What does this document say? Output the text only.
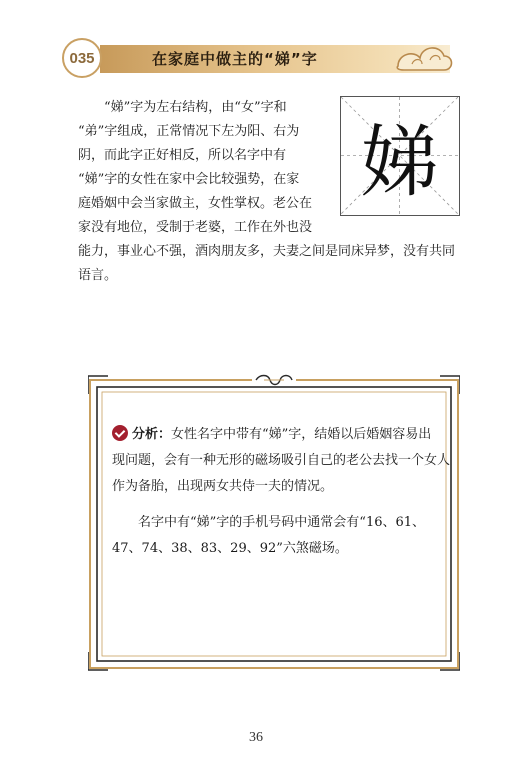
035	在家庭中做主的“娣”字
娣
　　“娣”字为左右结构，由“女”字和
“弟”字组成，正常情况下左为阳、右为
阴，而此字正好相反，所以名字中有
“娣”字的女性在家中会比较强势，在家
庭婚姻中会当家做主，女性掌权。老公在
家没有地位，受制于老婆，工作在外也没
能力，事业心不强，酒肉朋友多，夫妻之间是同床异梦，没有共同
语言。
分析：女性名字中带有“娣”字，结婚以后婚姻容易出
现问题，会有一种无形的磁场吸引自己的老公去找一个女人
作为备胎，出现两女共侍一夫的情况。
　　名字中有“娣”字的手机号码中通常会有“16、61、
47、74、38、83、29、92”六煞磁场。
36
